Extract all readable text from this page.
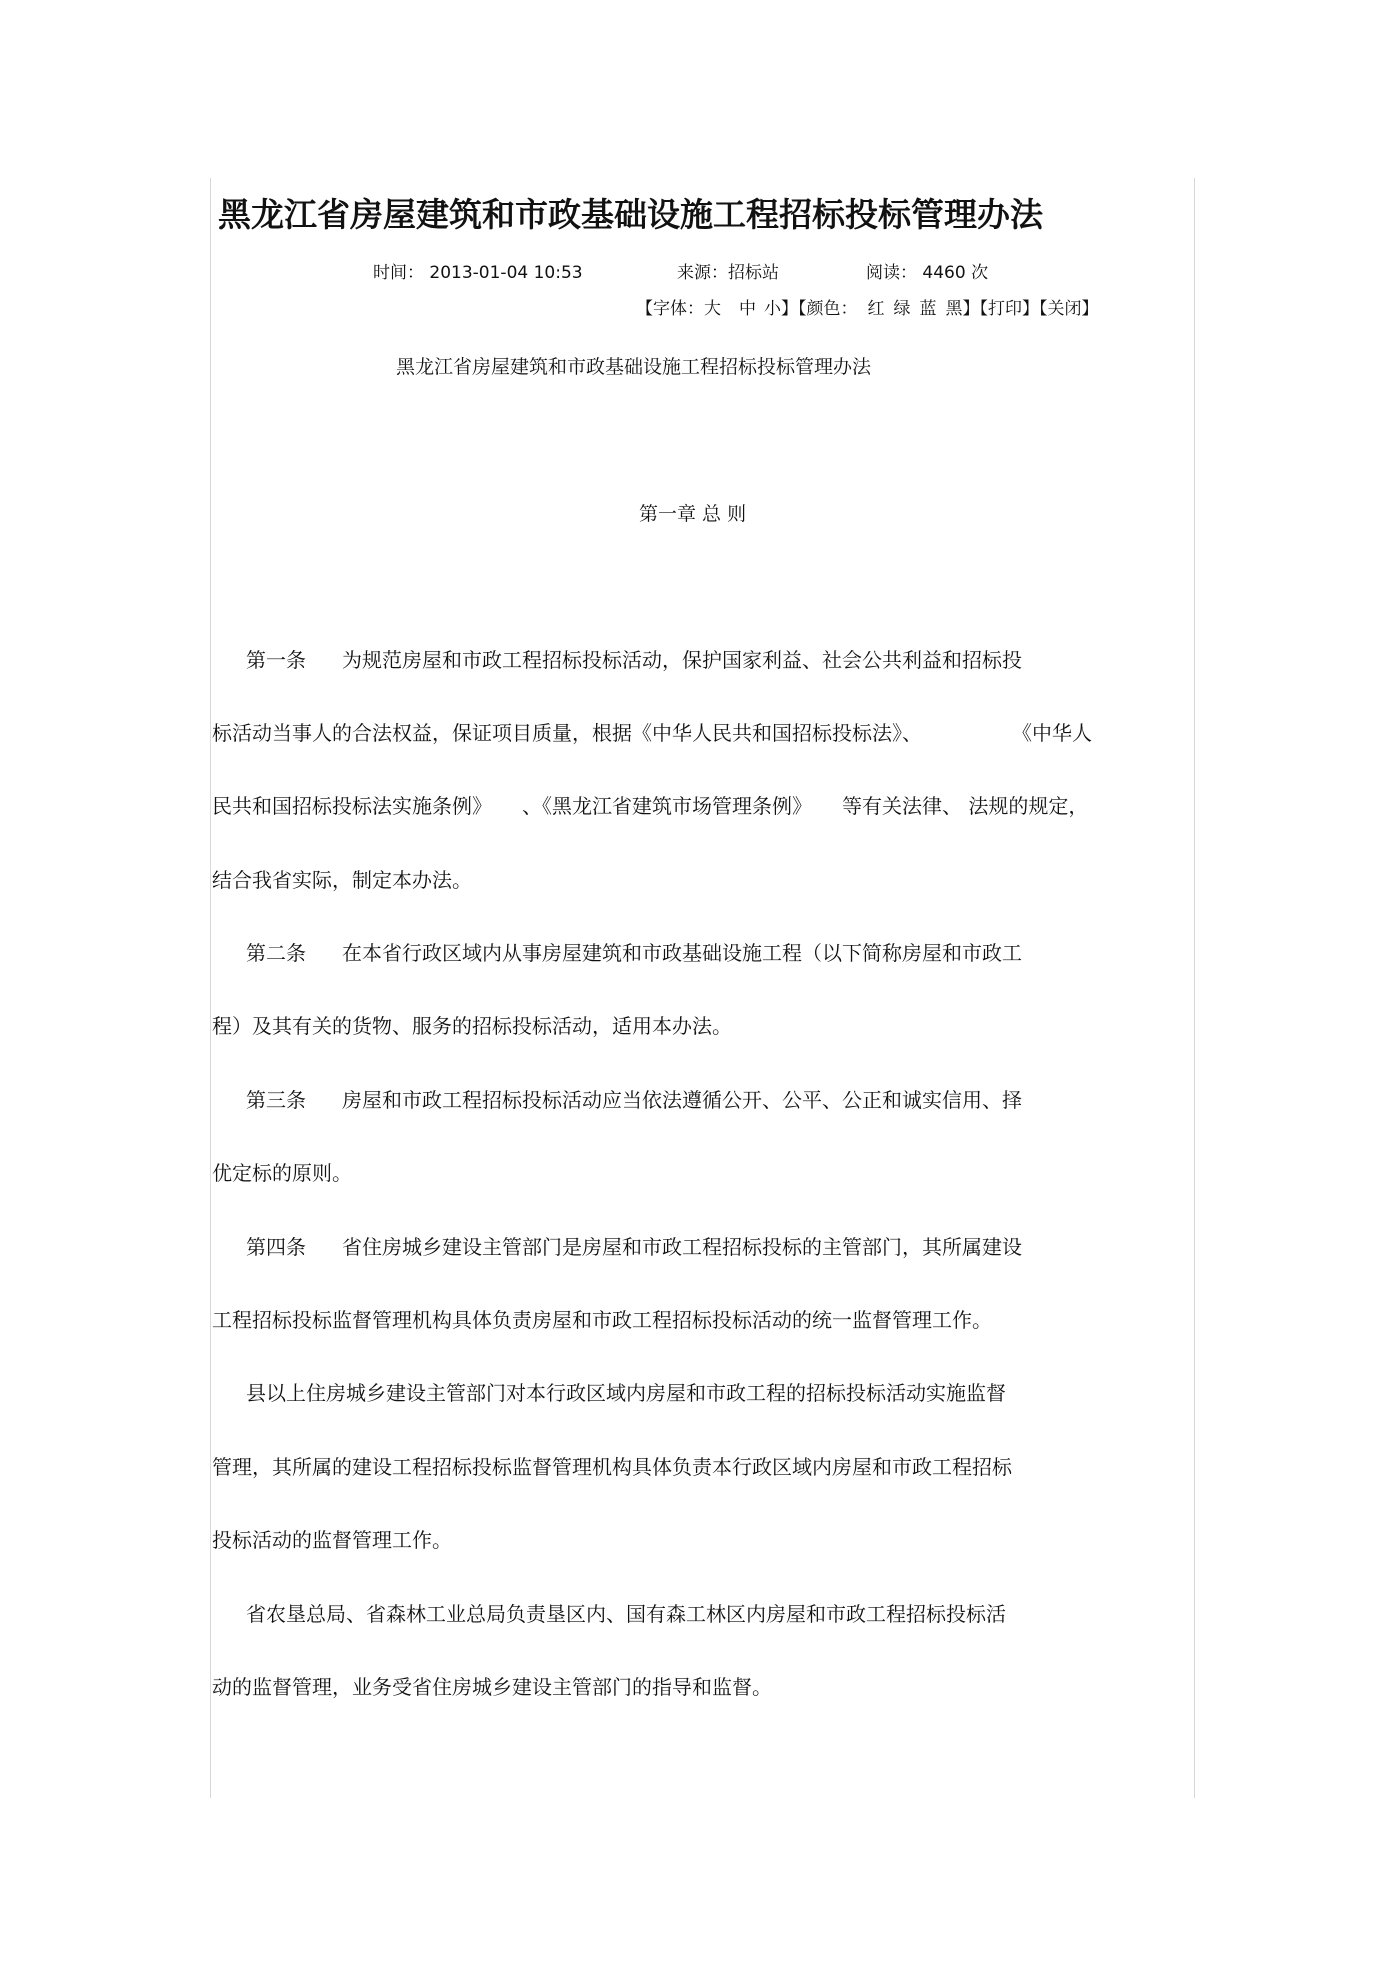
黑龙江省房屋建筑和市政基础设施工程招标投标管理办法
时间： 2013-01-04 10:53	来源：招标站	阅读： 4460 次
【字体：大 中 小】【颜色： 红 绿 蓝 黑】【打印】【关闭】
黑龙江省房屋建筑和市政基础设施工程招标投标管理办法
第一章 总 则
第一条 为规范房屋和市政工程招标投标活动，保护国家利益、社会公共利益和招标投
标活动当事人的合法权益，保证项目质量，根据《中华人民共和国招标投标法》、	《中华人
民共和国招标投标法实施条例》 、《黑龙江省建筑市场管理条例》 等有关法律、 法规的规定，
结合我省实际，制定本办法。
第二条 在本省行政区域内从事房屋建筑和市政基础设施工程（以下简称房屋和市政工
程）及其有关的货物、服务的招标投标活动，适用本办法。
第三条 房屋和市政工程招标投标活动应当依法遵循公开、公平、公正和诚实信用、择
优定标的原则。
第四条 省住房城乡建设主管部门是房屋和市政工程招标投标的主管部门，其所属建设
工程招标投标监督管理机构具体负责房屋和市政工程招标投标活动的统一监督管理工作。
县以上住房城乡建设主管部门对本行政区域内房屋和市政工程的招标投标活动实施监督
管理，其所属的建设工程招标投标监督管理机构具体负责本行政区域内房屋和市政工程招标
投标活动的监督管理工作。
省农垦总局、省森林工业总局负责垦区内、国有森工林区内房屋和市政工程招标投标活
动的监督管理，业务受省住房城乡建设主管部门的指导和监督。
